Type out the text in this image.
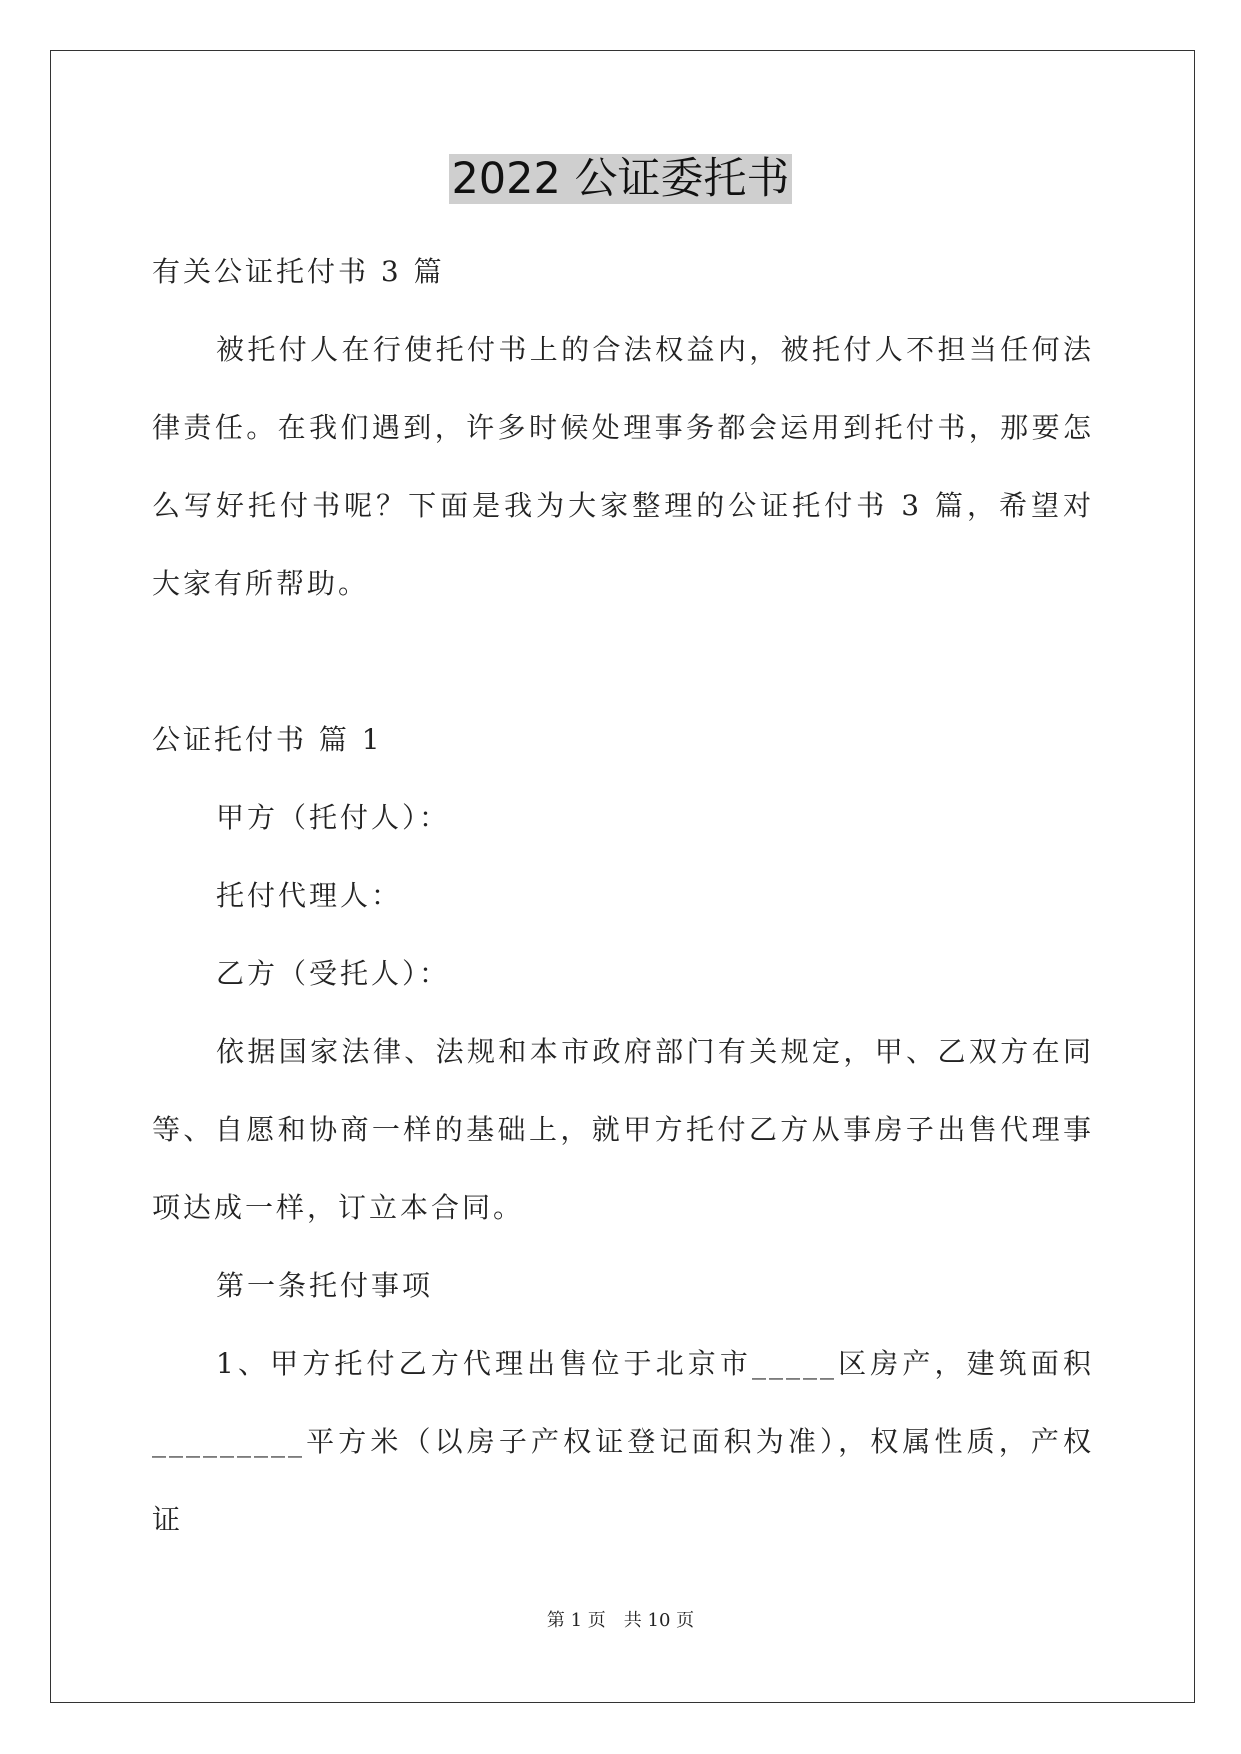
2022 公证委托书

有关公证托付书 3 篇

被托付人在行使托付书上的合法权益内，被托付人不担当任何法律责任。在我们遇到，许多时候处理事务都会运用到托付书，那要怎么写好托付书呢？下面是我为大家整理的公证托付书 3 篇，希望对大家有所帮助。

公证托付书 篇 1

甲方（托付人）：

托付代理人：

乙方（受托人）：

依据国家法律、法规和本市政府部门有关规定，甲、乙双方在同等、自愿和协商一样的基础上，就甲方托付乙方从事房子出售代理事项达成一样，订立本合同。

第一条托付事项

1、甲方托付乙方代理出售位于北京市_____区房产，建筑面积_________平方米（以房子产权证登记面积为准），权属性质，产权证

第 1 页 共 10 页
